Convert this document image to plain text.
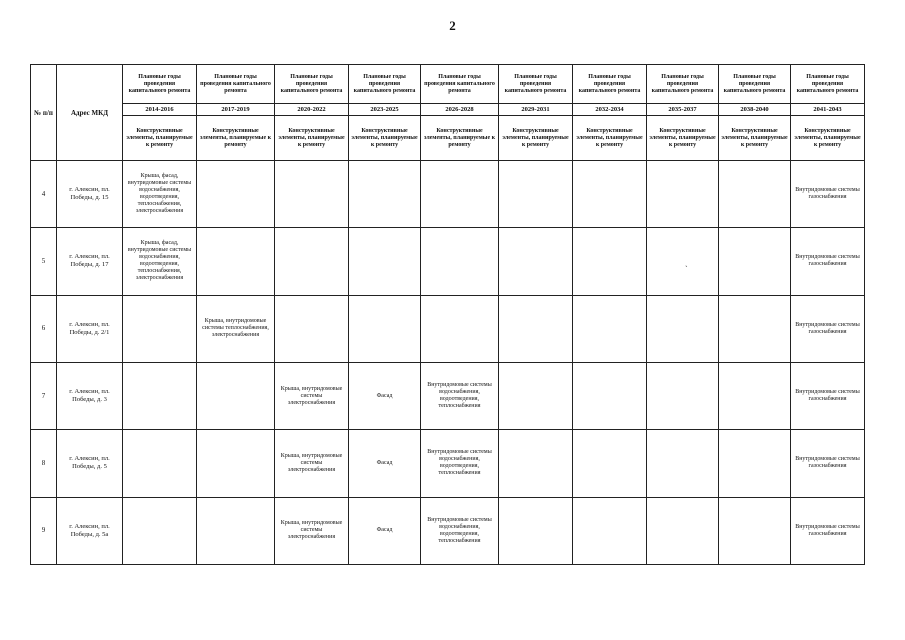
2
№ п/п	Адрес МКД	Плановые годы проведения капитального ремонта	Плановые годы проведения капитального ремонта	Плановые годы проведения капитального ремонта	Плановые годы проведения капитального ремонта	Плановые годы проведения капитального ремонта	Плановые годы проведения капитального ремонта	Плановые годы проведения капитального ремонта	Плановые годы проведения капитального ремонта	Плановые годы проведения капитального ремонта	Плановые годы проведения капитального ремонта
		2014-2016	2017-2019	2020-2022	2023-2025	2026-2028	2029-2031	2032-2034	2035-2037	2038-2040	2041-2043
		Конструктивные элементы, планируемые к ремонту	Конструктивные элементы, планируемые к ремонту	Конструктивные элементы, планируемые к ремонту	Конструктивные элементы, планируемые к ремонту	Конструктивные элементы, планируемые к ремонту	Конструктивные элементы, планируемые к ремонту	Конструктивные элементы, планируемые к ремонту	Конструктивные элементы, планируемые к ремонту	Конструктивные элементы, планируемые к ремонту	Конструктивные элементы, планируемые к ремонту
4	г. Алексин, пл. Победы, д. 15	Крыша, фасад, внутридомовые системы водоснабжения, водоотведения, теплоснабжения, электроснабжения									Внутридомовые системы газоснабжения
5	г. Алексин, пл. Победы, д. 17	Крыша, фасад, внутридомовые системы водоснабжения, водоотведения, теплоснабжения, электроснабжения									Внутридомовые системы газоснабжения
6	г. Алексин, пл. Победы, д. 2/1		Крыша, внутридомовые системы теплоснабжения, электроснабжения								Внутридомовые системы газоснабжения
7	г. Алексин, пл. Победы, д. 3			Крыша, внутридомовые системы электроснабжения	Фасад	Внутридомовые системы водоснабжения, водоотведения, теплоснабжения					Внутридомовые системы газоснабжения
8	г. Алексин, пл. Победы, д. 5			Крыша, внутридомовые системы электроснабжения	Фасад	Внутридомовые системы водоснабжения, водоотведения, теплоснабжения					Внутридомовые системы газоснабжения
9	г. Алексин, пл. Победы, д. 5а			Крыша, внутридомовые системы электроснабжения	Фасад	Внутридомовые системы водоснабжения, водоотведения, теплоснабжения					Внутридомовые системы газоснабжения
ˎ
